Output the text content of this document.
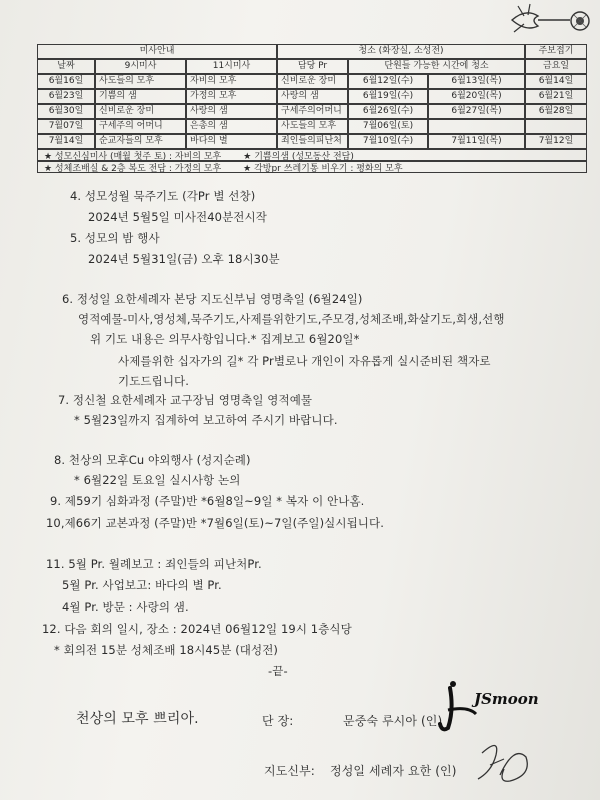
미사안내	청소 (화장실, 소성전)	주보접기
날짜	9시미사	11시미사	담당 Pr	단원들 가능한 시간에 청소	금요일
6월16일	사도들의 모후	자비의 모후	신비로운 장미	6월12일(수)	6월13일(목)	6월14일
6월23일	기쁨의 샘	가정의 모후	사랑의 샘	6월19일(수)	6월20일(목)	6월21일
6월30일	신비로운 장미	사랑의 샘	구세주의어머니	6월26일(수)	6월27일(목)	6월28일
7월07일	구세주의 어머니	은총의 샘	사도들의 모후	7월06일(토)
7월14일	순교자들의 모후	바다의 별	죄인들의피난처	7월10일(수)	7월11일(목)	7월12일
★ 성모신심미사 (매월 첫주 토) : 자비의 모후 ★ 기쁨의샘 (성모동산 전담)
★ 성체조배실 & 2층 복도 전담 : 가정의 모후 ★ 각방pr 쓰레기통 비우기 : 평화의 모후
4. 성모성월 묵주기도 (각Pr 별 선창)
2024년 5월5일 미사전40분전시작
5. 성모의 밤 행사
2024년 5월31일(금) 오후 18시30분
6. 정성일 요한세례자 본당 지도신부님 영명축일 (6월24일)
영적예물-미사,영성체,묵주기도,사제를위한기도,주모경,성체조배,화살기도,희생,선행
위 기도 내용은 의무사항입니다.* 집계보고 6월20일*
사제를위한 십자가의 길* 각 Pr별로나 개인이 자유롭게 실시준비된 책자로
기도드립니다.
7. 정신철 요한세례자 교구장님 영명축일 영적예물
* 5월23일까지 집계하여 보고하여 주시기 바랍니다.
8. 천상의 모후Cu 야외행사 (성지순례)
* 6월22일 토요일 실시사항 논의
9. 제59기 심화과정 (주말)반 *6월8일~9일 * 복자 이 안나홈.
10,제66기 교본과정 (주말)반 *7월6일(토)~7일(주일)실시됩니다.
11. 5월 Pr. 월례보고 : 죄인들의 피난처Pr.
5월 Pr. 사업보고: 바다의 별 Pr.
4월 Pr. 방문 : 사랑의 샘.
12. 다음 회의 일시, 장소 : 2024년 06월12일 19시 1층식당
* 회의전 15분 성체조배 18시45분 (대성전)
-끝-
천상의 모후 쁘리아.	단 장:	문중숙 루시아 (인)
JSmoon
지도신부: 정성일 세례자 요한 (인)
